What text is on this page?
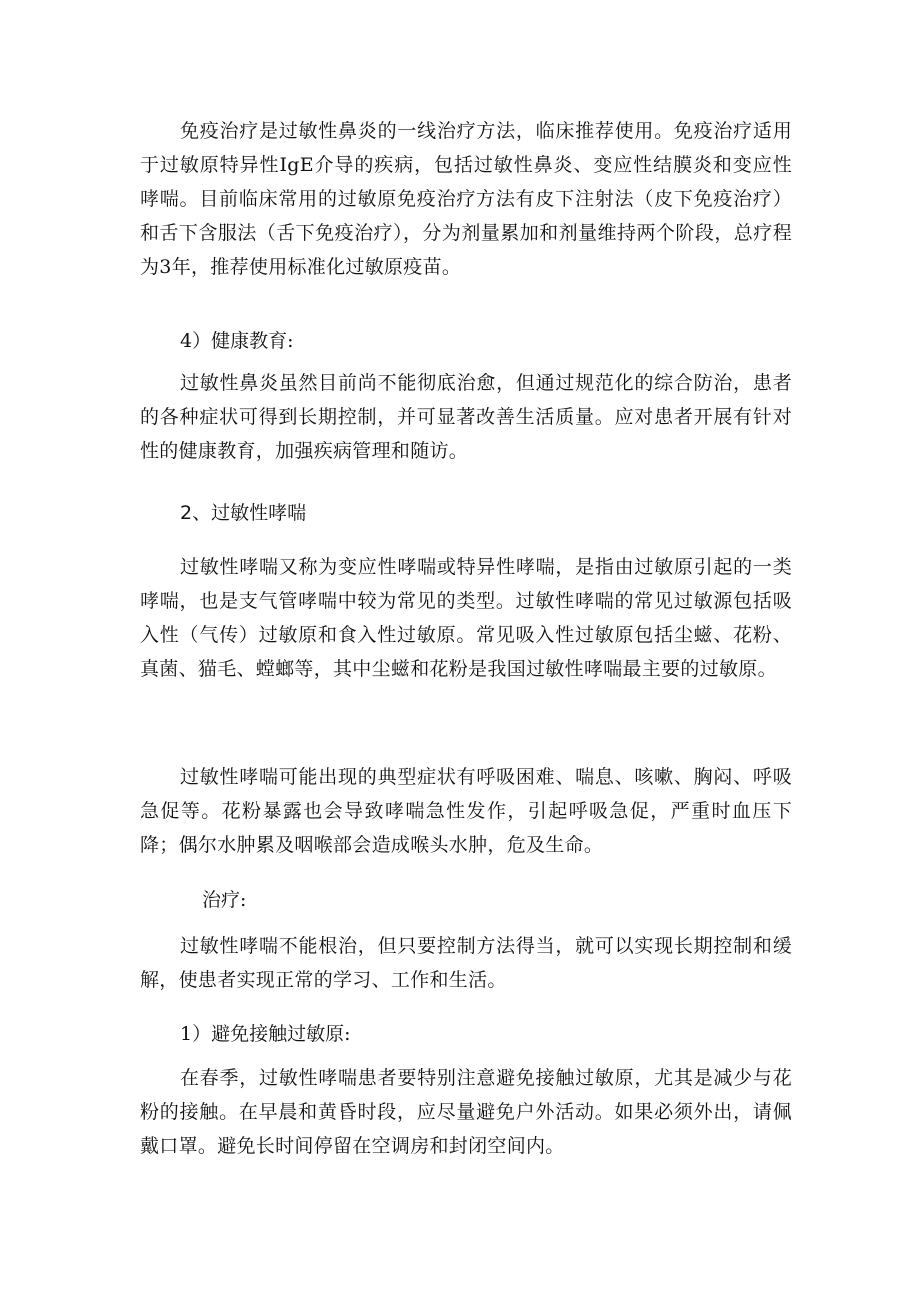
免疫治疗是过敏性鼻炎的一线治疗方法，临床推荐使用。免疫治疗适用于过敏原特异性IgE介导的疾病，包括过敏性鼻炎、变应性结膜炎和变应性哮喘。目前临床常用的过敏原免疫治疗方法有皮下注射法（皮下免疫治疗）和舌下含服法（舌下免疫治疗），分为剂量累加和剂量维持两个阶段，总疗程为3年，推荐使用标准化过敏原疫苗。

4）健康教育:

过敏性鼻炎虽然目前尚不能彻底治愈，但通过规范化的综合防治，患者的各种症状可得到长期控制，并可显著改善生活质量。应对患者开展有针对性的健康教育，加强疾病管理和随访。

2、过敏性哮喘

过敏性哮喘又称为变应性哮喘或特异性哮喘，是指由过敏原引起的一类哮喘，也是支气管哮喘中较为常见的类型。过敏性哮喘的常见过敏源包括吸入性（气传）过敏原和食入性过敏原。常见吸入性过敏原包括尘螆、花粉、真菌、猫毛、螳螂等，其中尘螆和花粉是我国过敏性哮喘最主要的过敏原。

过敏性哮喘可能出现的典型症状有呼吸困难、喘息、咳嗽、胸闷、呼吸急促等。花粉暴露也会导致哮喘急性发作，引起呼吸急促，严重时血压下降；偶尔水肿累及咽喉部会造成喉头水肿，危及生命。

治疗:

过敏性哮喘不能根治，但只要控制方法得当，就可以实现长期控制和缓解，使患者实现正常的学习、工作和生活。

1）避免接触过敏原:

在春季，过敏性哮喘患者要特别注意避免接触过敏原，尤其是减少与花粉的接触。在早晨和黄昏时段，应尽量避免户外活动。如果必须外出，请佩戴口罩。避免长时间停留在空调房和封闭空间内。
